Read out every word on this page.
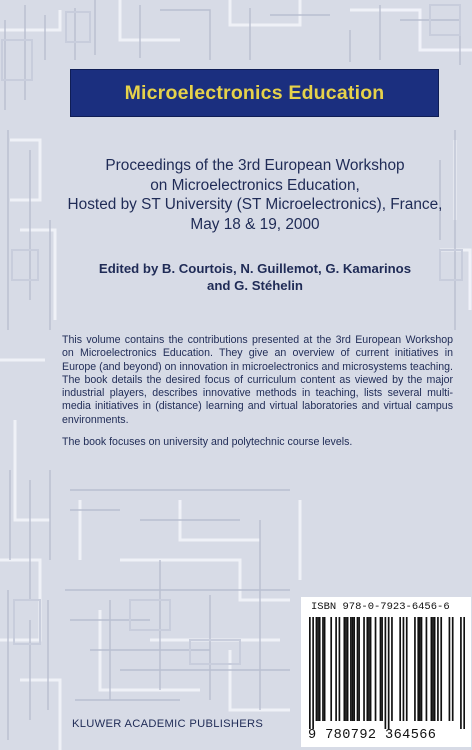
Microelectronics Education
Proceedings of the 3rd European Workshop
on Microelectronics Education,
Hosted by ST University (ST Microelectronics), France,
May 18 & 19, 2000
Edited by B. Courtois, N. Guillemot, G. Kamarinos
and G. Stéhelin

This volume contains the contributions presented at the 3rd European Workshop on Microelectronics Education. They give an overview of current initiatives in Europe (and beyond) on innovation in microelectronics and microsystems teaching. The book details the desired focus of curriculum content as viewed by the major industrial players, describes innovative methods in teaching, lists several multi-media initiatives in (distance) learning and virtual laboratories and virtual campus environments.

The book focuses on university and polytechnic course levels.

ISBN 978-0-7923-6456-6
9 780792 364566
KLUWER ACADEMIC PUBLISHERS
